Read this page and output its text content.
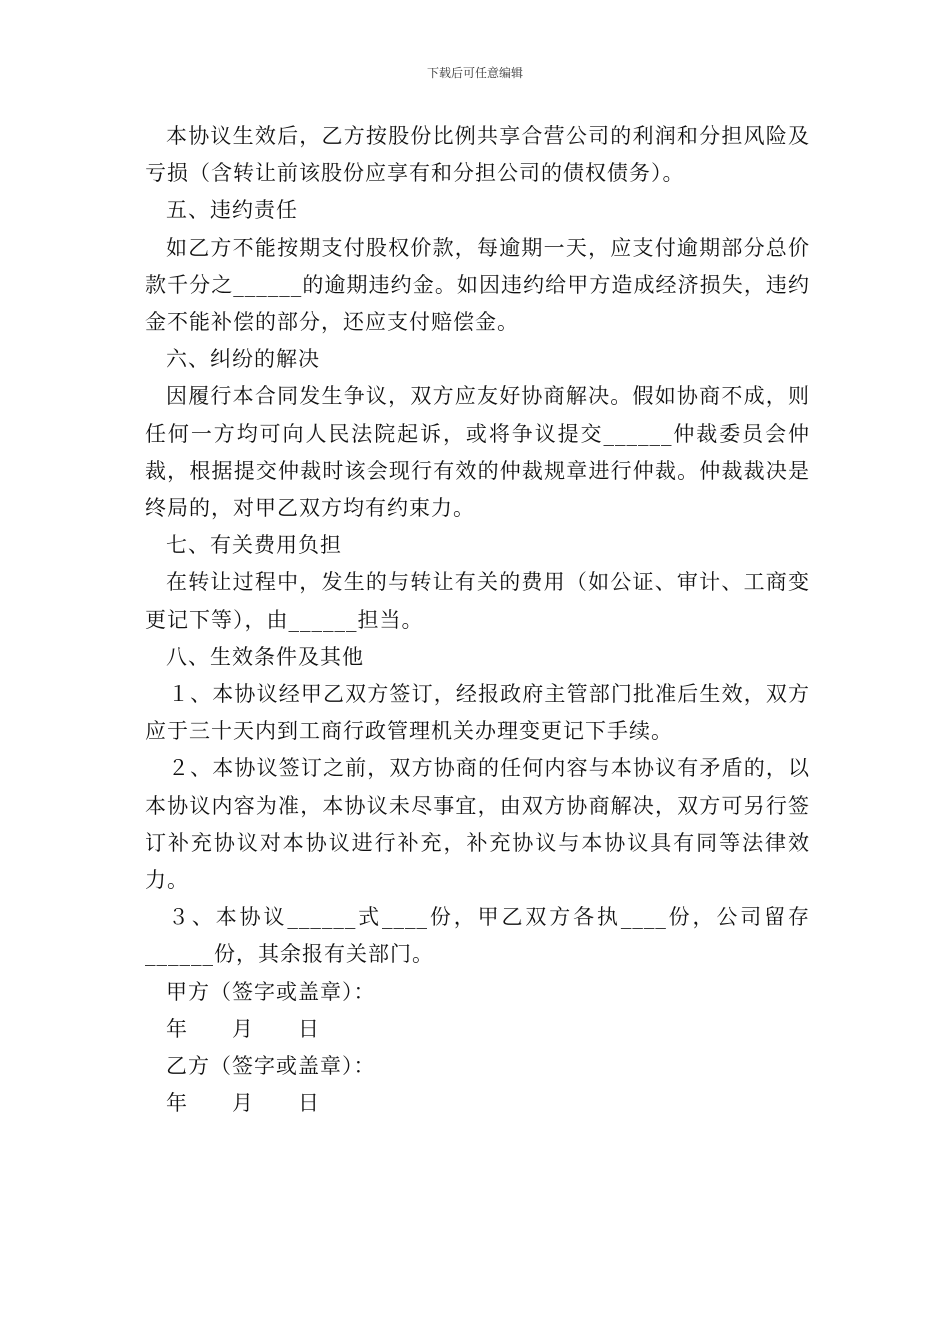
下载后可任意编辑

本协议生效后，乙方按股份比例共享合营公司的利润和分担风险及亏损（含转让前该股份应享有和分担公司的债权债务）。

五、违约责任

如乙方不能按期支付股权价款，每逾期一天，应支付逾期部分总价款千分之______的逾期违约金。如因违约给甲方造成经济损失，违约金不能补偿的部分，还应支付赔偿金。

六、纠纷的解决

因履行本合同发生争议，双方应友好协商解决。假如协商不成，则任何一方均可向人民法院起诉，或将争议提交______仲裁委员会仲裁，根据提交仲裁时该会现行有效的仲裁规章进行仲裁。仲裁裁决是终局的，对甲乙双方均有约束力。

七、有关费用负担

在转让过程中，发生的与转让有关的费用（如公证、审计、工商变更记下等），由______担当。

八、生效条件及其他

１、本协议经甲乙双方签订，经报政府主管部门批准后生效，双方应于三十天内到工商行政管理机关办理变更记下手续。

２、本协议签订之前，双方协商的任何内容与本协议有矛盾的，以本协议内容为准，本协议未尽事宜，由双方协商解决，双方可另行签订补充协议对本协议进行补充，补充协议与本协议具有同等法律效力。

３、本协议______式____份，甲乙双方各执____份，公司留存______份，其余报有关部门。

甲方（签字或盖章）：

年　　月　　日

乙方（签字或盖章）：

年　　月　　日
